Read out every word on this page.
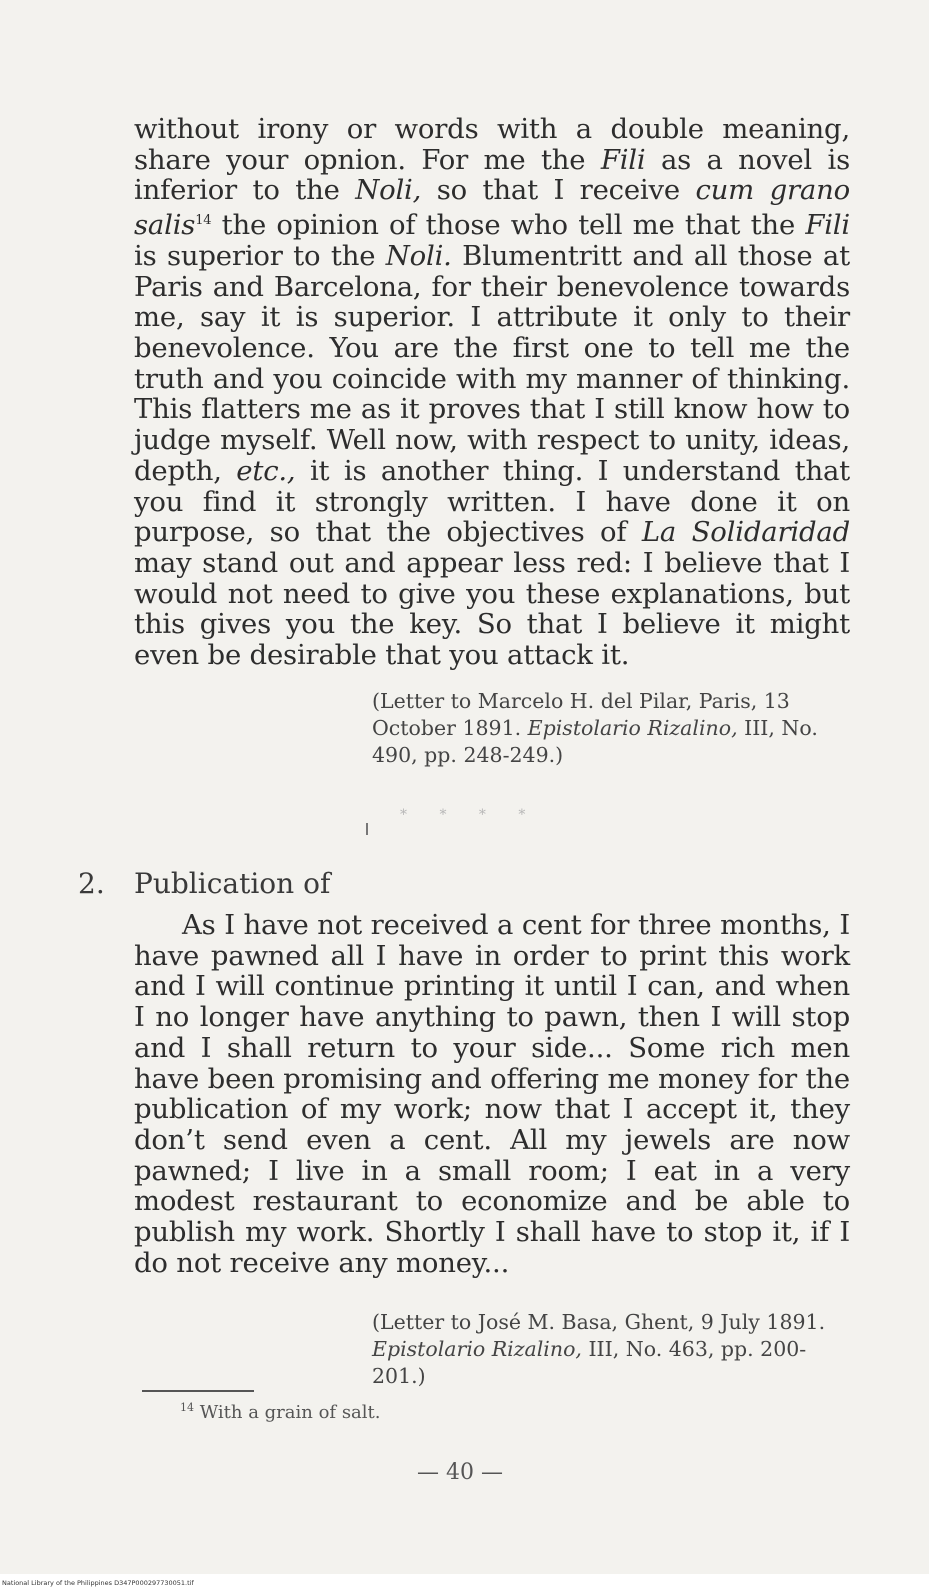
without irony or words with a double meaning, share your opnion. For me the Fili as a novel is inferior to the Noli, so that I receive cum grano salis$^{14}$ the opinion of those who tell me that the Fili is superior to the Noli. Blumentritt and all those at Paris and Barcelona, for their benevolence towards me, say it is superior. I attribute it only to their benevolence. You are the first one to tell me the truth and you coincide with my manner of thinking. This flatters me as it proves that I still know how to judge myself. Well now, with respect to unity, ideas, depth, etc., it is another thing. I understand that you find it strongly written. I have done it on purpose, so that the objectives of La Solidaridad may stand out and appear less red: I believe that I would not need to give you these explanations, but this gives you the key. So that I believe it might even be desirable that you attack it.
(Letter to Marcelo H. del Pilar, Paris, 13 October 1891. Epistolario Rizalino, III, No. 490, pp. 248-249.)
* * * *
2. Publication of
As I have not received a cent for three months, I have pawned all I have in order to print this work and I will continue printing it until I can, and when I no longer have anything to pawn, then I will stop and I shall return to your side... Some rich men have been promising and offering me money for the publication of my work; now that I accept it, they don’t send even a cent. All my jewels are now pawned; I live in a small room; I eat in a very modest restaurant to economize and be able to publish my work. Shortly I shall have to stop it, if I do not receive any money...
(Letter to José M. Basa, Ghent, 9 July 1891. Epistolario Rizalino, III, No. 463, pp. 200-201.)
$^{14}$ With a grain of salt.
— 40 —
National Library of the Philippines D347P000297730051.tif
